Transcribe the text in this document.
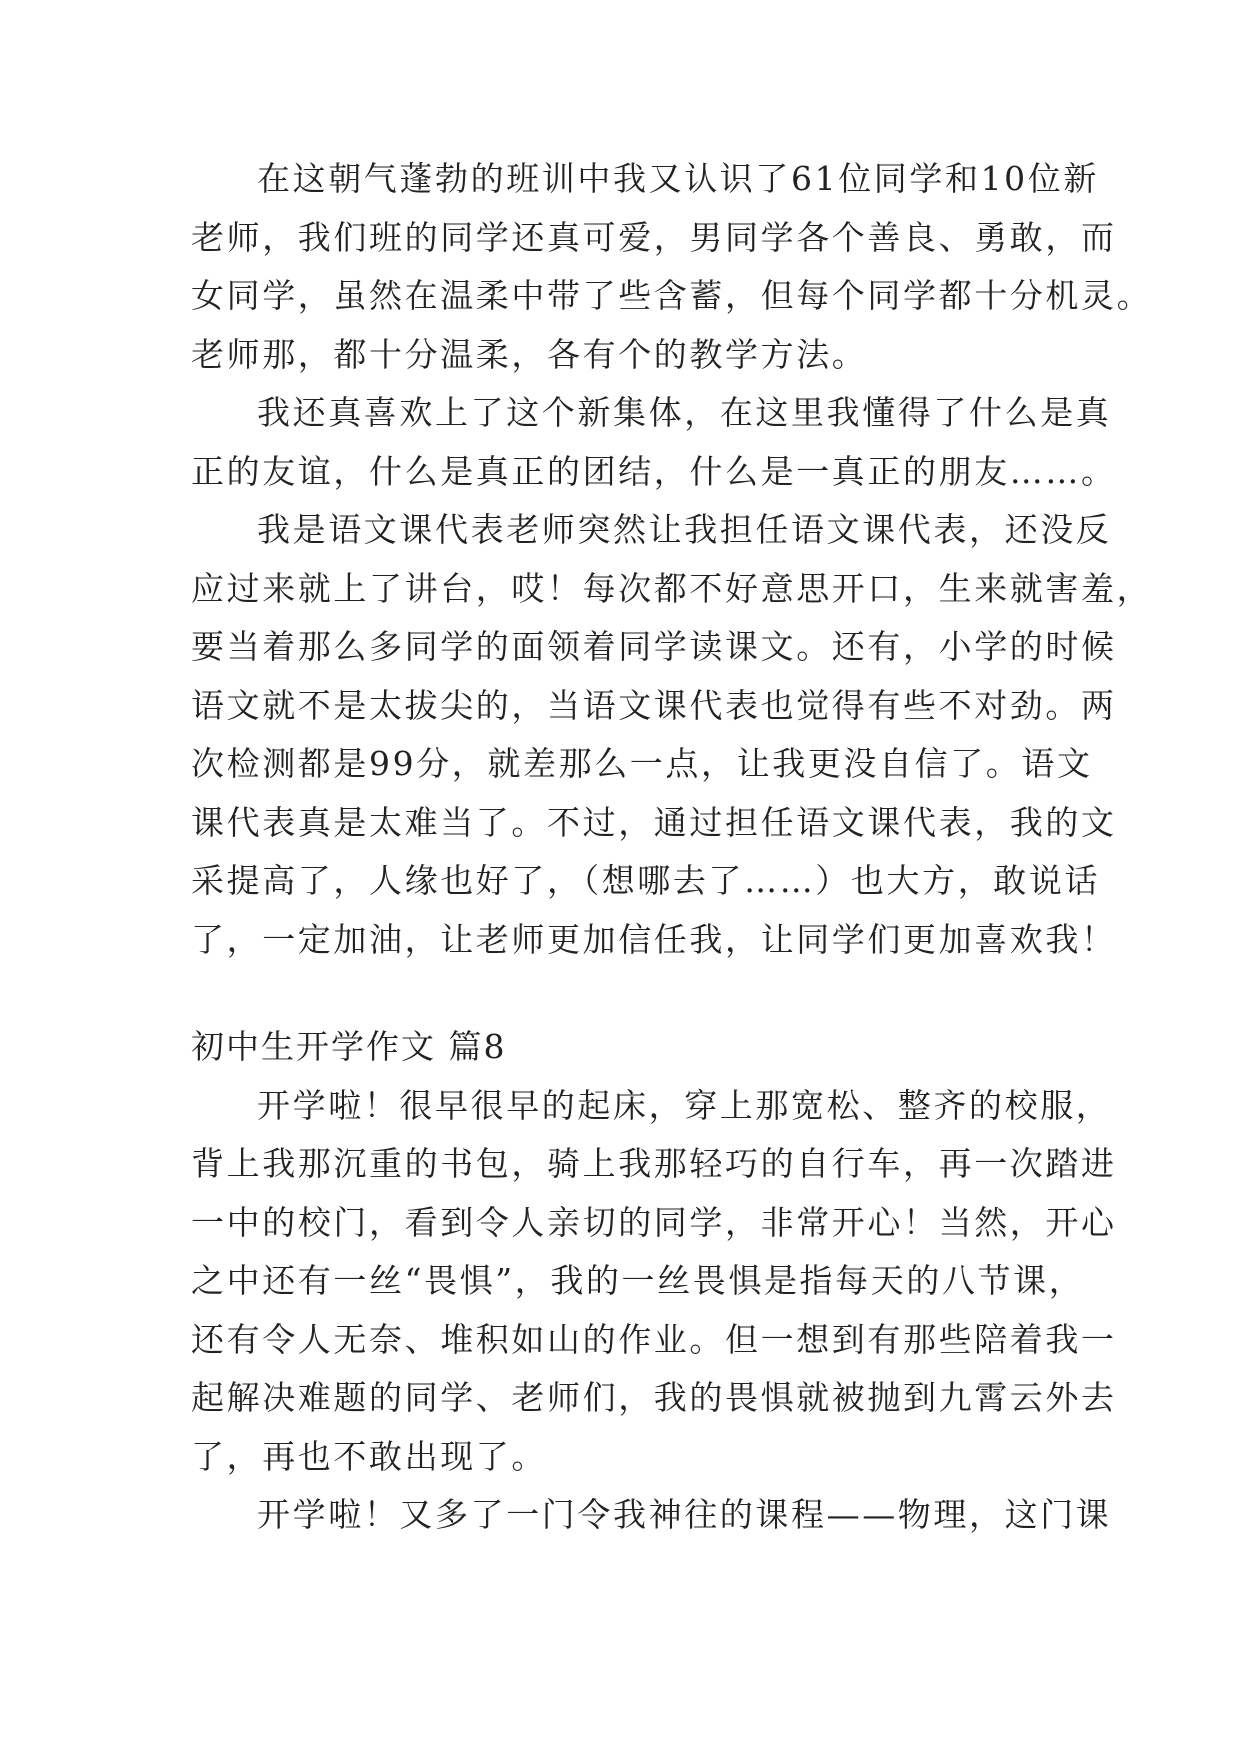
在这朝气蓬勃的班训中我又认识了61位同学和10位新
老师，我们班的同学还真可爱，男同学各个善良、勇敢，而
女同学，虽然在温柔中带了些含蓄，但每个同学都十分机灵。
老师那，都十分温柔，各有个的教学方法。
我还真喜欢上了这个新集体，在这里我懂得了什么是真
正的友谊，什么是真正的团结，什么是一真正的朋友……。
我是语文课代表老师突然让我担任语文课代表，还没反
应过来就上了讲台，哎！每次都不好意思开口，生来就害羞，
要当着那么多同学的面领着同学读课文。还有，小学的时候
语文就不是太拔尖的，当语文课代表也觉得有些不对劲。两
次检测都是99分，就差那么一点，让我更没自信了。语文
课代表真是太难当了。不过，通过担任语文课代表，我的文
采提高了，人缘也好了，（想哪去了……）也大方，敢说话
了，一定加油，让老师更加信任我，让同学们更加喜欢我！
初中生开学作文 篇8
开学啦！很早很早的起床，穿上那宽松、整齐的校服，
背上我那沉重的书包，骑上我那轻巧的自行车，再一次踏进
一中的校门，看到令人亲切的同学，非常开心！当然，开心
之中还有一丝“畏惧”，我的一丝畏惧是指每天的八节课，
还有令人无奈、堆积如山的作业。但一想到有那些陪着我一
起解决难题的同学、老师们，我的畏惧就被抛到九霄云外去
了，再也不敢出现了。
开学啦！又多了一门令我神往的课程——物理，这门课
